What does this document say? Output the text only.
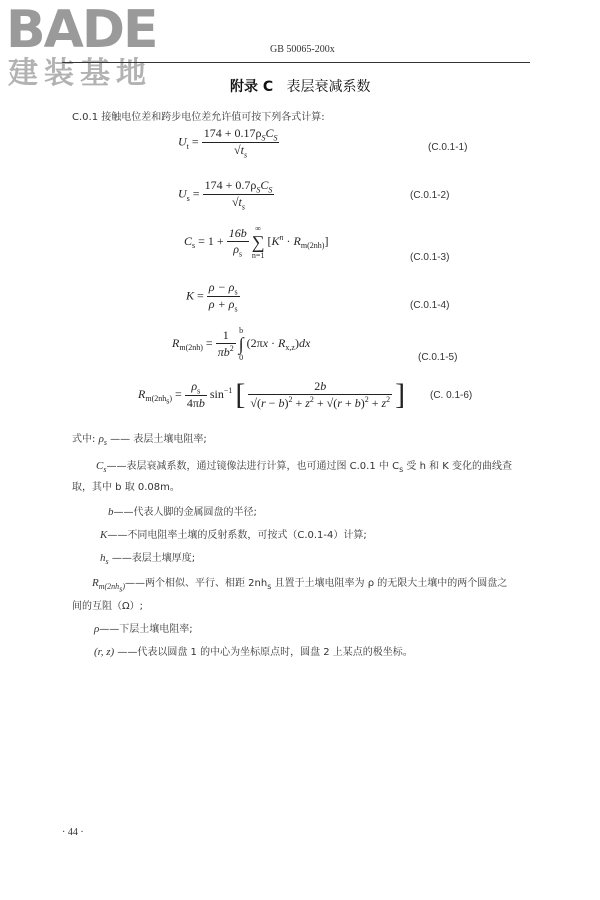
BADE
建装基地
GB 50065-200x
附录 C 表层衰减系数
C.0.1 接触电位差和跨步电位差允许值可按下列各式计算:
$U_t = \frac{174 + 0.17\rho_SC_S}{√t_s}$	(C.0.1-1)
$U_s = \frac{174 + 0.7\rho_SC_S}{√t_s}$	(C.0.1-2)
$C_s = 1 + \frac{16b}{\rho_s}$ ∞
∑
n=1 $[K^n \cdot R_{m(2nh)}]$
(C.0.1-3)
$K = \frac{\rho - \rho_s}{\rho + \rho_s}$	(C.0.1-4)
$R_{m(2nh)} = \frac{1}{\pi b^2}$ b
∫
0 $(2\pi x \cdot R_{x,z})dx$
(C.0.1-5)
$R_{m(2nh_s)} = \frac{\rho_s}{4\pi b} \sin^{-1}$ [ $\frac{2b}{√(r - b)^2 + z^2 + √(r + b)^2 + z^2}$ ] (C. 0.1-6)
式中: $\rho_s$ —— 表层土壤电阻率;
$C_s——$表层衰减系数，通过镜像法进行计算，也可通过图 C.0.1 中 $C_s$ 受 h 和 K 变化的曲线查
取，其中 b 取 0.08m。
b——代表人脚的金属圆盘的半径;
K——不同电阻率土壤的反射系数，可按式（C.0.1-4）计算;
$h_s$ ——表层土壤厚度;
$R_{m(2nh_s)}——$两个相似、平行、相距 $2nh_s$ 且置于土壤电阻率为 ρ 的无限大土壤中的两个圆盘之
间的互阻（Ω）;
ρ——下层土壤电阻率;
(r, z) ——代表以圆盘 1 的中心为坐标原点时，圆盘 2 上某点的极坐标。
· 44 ·
